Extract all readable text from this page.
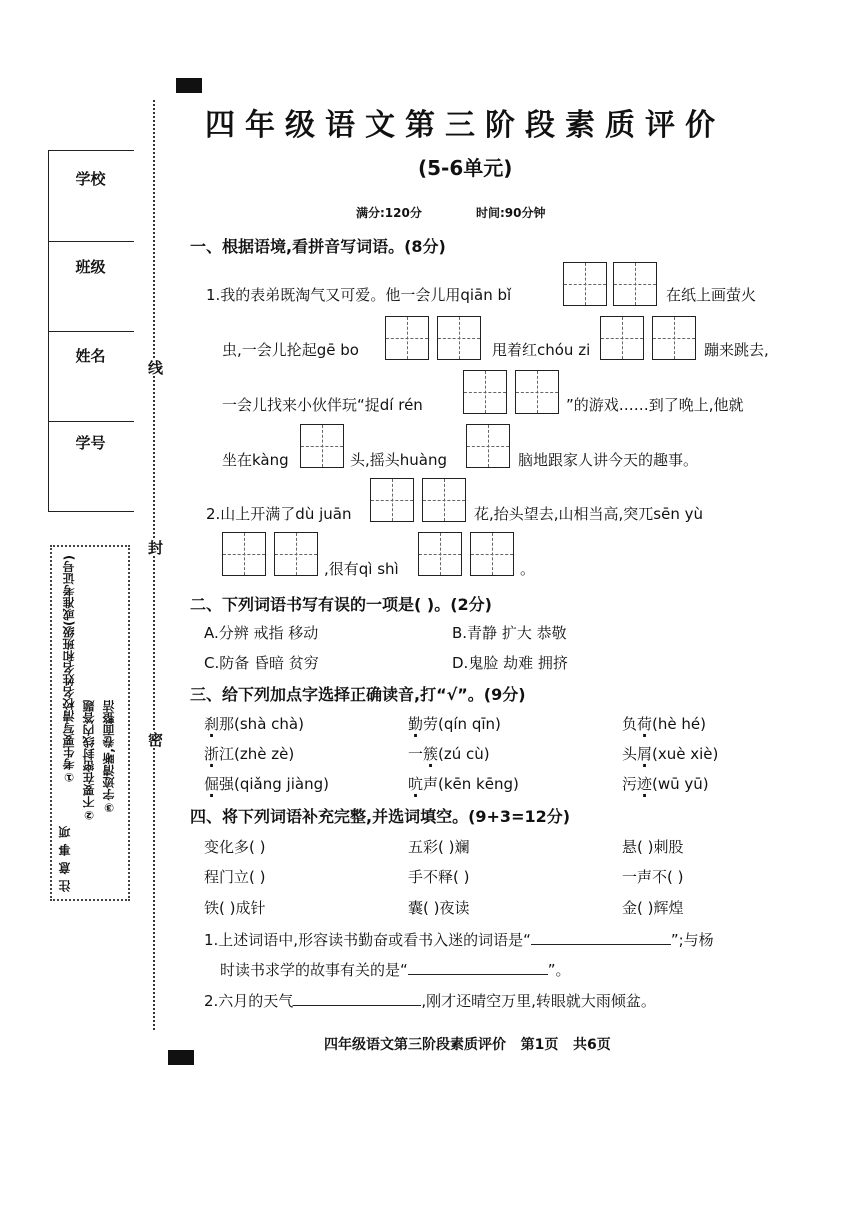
学校
班级
姓名
学号
线
封
密
注意事项
①考生要写清校名姓名和班级(或准考证号) ②不要在密封线内答题 ③字迹清晰,卷面整洁
四年级语文第三阶段素质评价
(5-6单元)
满分:120分	时间:90分钟
一、根据语境,看拼音写词语。(8分)
1.我的表弟既淘气又可爱。他一会儿用qiān bǐ	在纸上画萤火
虫,一会儿抡起gē bo	甩着红chóu zi	蹦来跳去,
一会儿找来小伙伴玩“捉dí rén	”的游戏……到了晚上,他就
坐在kàng	头,摇头huàng	脑地跟家人讲今天的趣事。
2.山上开满了dù juān	花,抬头望去,山相当高,突兀sēn yù
,很有qì shì	。
二、下列词语书写有误的一项是( )。(2分)
A.分辨 戒指 移动	B.青静 扩大 恭敬
C.防备 昏暗 贫穷	D.鬼脸 劫难 拥挤
三、给下列加点字选择正确读音,打“√”。(9分)
刹那(shà chà)	勤劳(qín qīn)	负荷(hè hé)
浙江(zhè zè)	一簇(zú cù)	头屑(xuè xiè)
倔强(qiǎng jiàng)	吭声(kēn kēng)	污迹(wū yū)
四、将下列词语补充完整,并选词填空。(9+3=12分)
变化多( )	五彩( )斓	悬( )刺股
程门立( )	手不释( )	一声不( )
铁( )成针	囊( )夜读	金( )辉煌
1.上述词语中,形容读书勤奋或看书入迷的词语是“	”;与杨
时读书求学的故事有关的是“	”。
2.六月的天气	,刚才还晴空万里,转眼就大雨倾盆。
四年级语文第三阶段素质评价   第1页   共6页
